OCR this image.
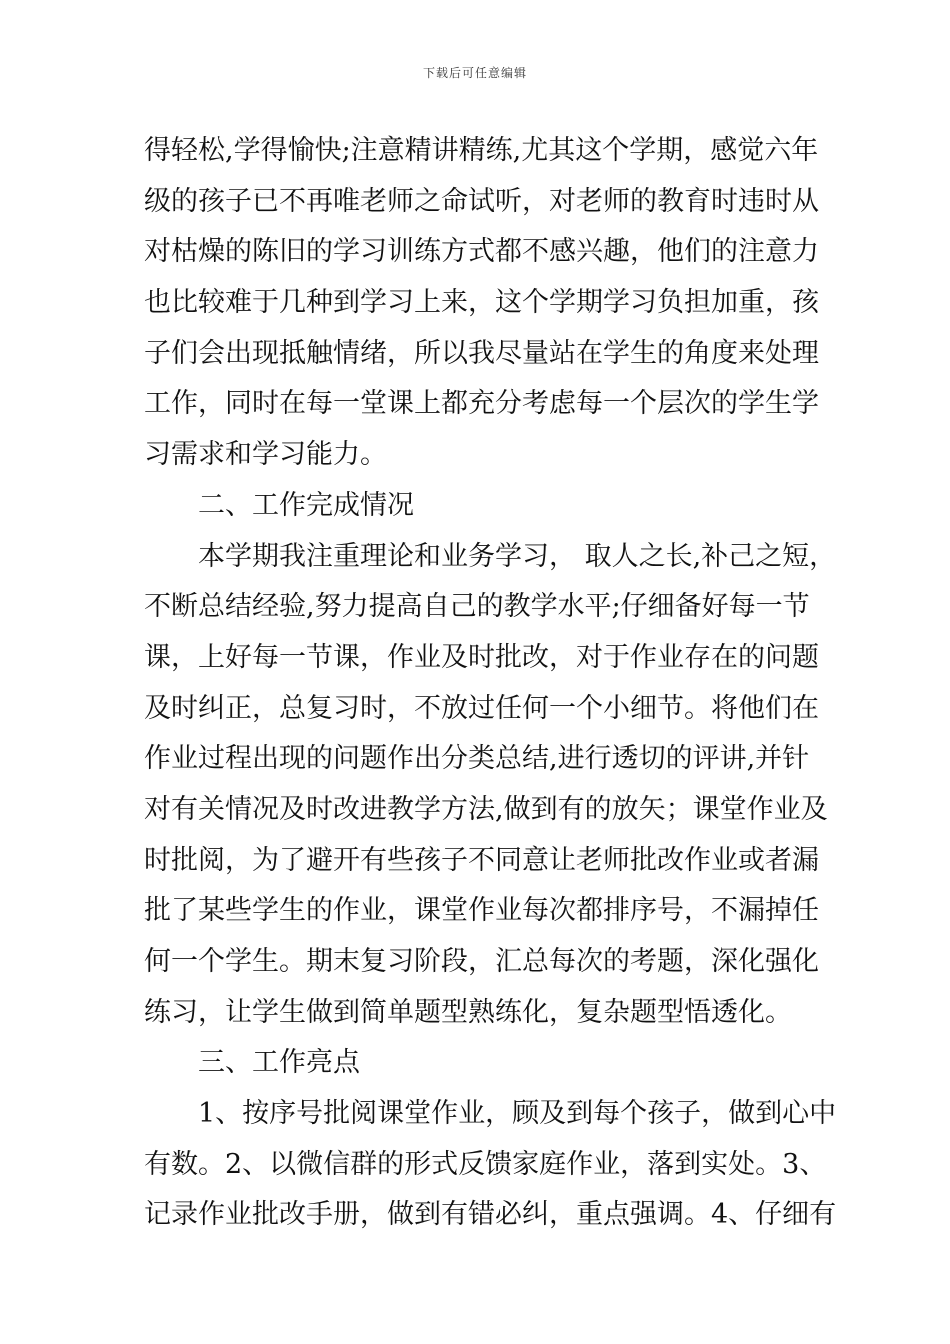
下载后可任意编辑
得轻松,学得愉快;注意精讲精练,尤其这个学期，感觉六年
级的孩子已不再唯老师之命试听，对老师的教育时违时从
对枯燥的陈旧的学习训练方式都不感兴趣，他们的注意力
也比较难于几种到学习上来，这个学期学习负担加重，孩
子们会出现抵触情绪，所以我尽量站在学生的角度来处理
工作，同时在每一堂课上都充分考虑每一个层次的学生学
习需求和学习能力。
二、工作完成情况
本学期我注重理论和业务学习， 取人之长,补己之短，
不断总结经验,努力提高自己的教学水平;仔细备好每一节
课，上好每一节课，作业及时批改，对于作业存在的问题
及时纠正，总复习时，不放过任何一个小细节。将他们在
作业过程出现的问题作出分类总结,进行透切的评讲,并针
对有关情况及时改进教学方法,做到有的放矢；课堂作业及
时批阅，为了避开有些孩子不同意让老师批改作业或者漏
批了某些学生的作业，课堂作业每次都排序号，不漏掉任
何一个学生。期末复习阶段，汇总每次的考题，深化强化
练习，让学生做到简单题型熟练化，复杂题型悟透化。
三、工作亮点
1、按序号批阅课堂作业，顾及到每个孩子，做到心中
有数。2、以微信群的形式反馈家庭作业，落到实处。3、
记录作业批改手册，做到有错必纠，重点强调。4、仔细有
